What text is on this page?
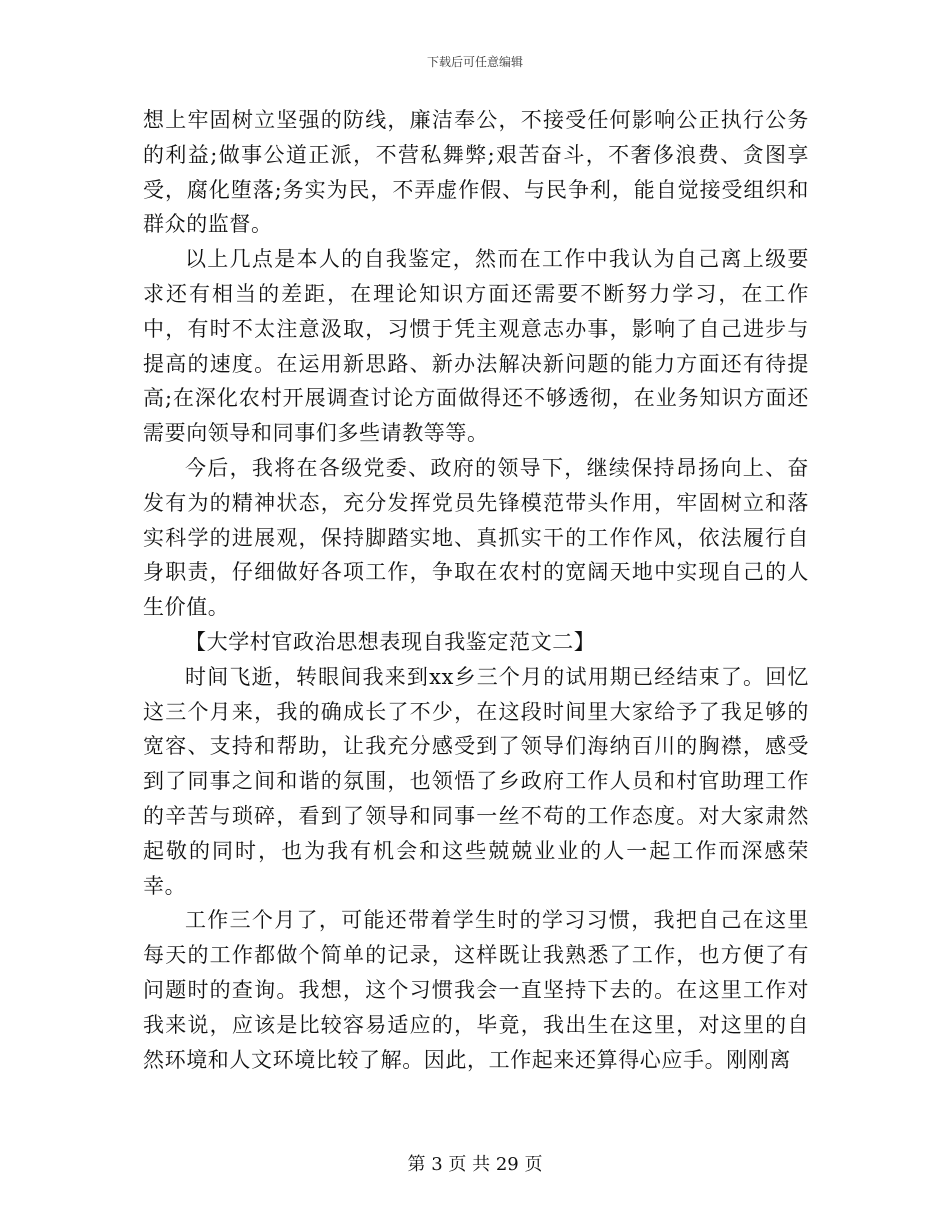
下载后可任意编辑

想上牢固树立坚强的防线，廉洁奉公，不接受任何影响公正执行公务的利益;做事公道正派，不营私舞弊;艰苦奋斗，不奢侈浪费、贪图享受，腐化堕落;务实为民，不弄虚作假、与民争利，能自觉接受组织和群众的监督。

以上几点是本人的自我鉴定，然而在工作中我认为自己离上级要求还有相当的差距，在理论知识方面还需要不断努力学习，在工作中，有时不太注意汲取，习惯于凭主观意志办事，影响了自己进步与提高的速度。在运用新思路、新办法解决新问题的能力方面还有待提高;在深化农村开展调查讨论方面做得还不够透彻，在业务知识方面还需要向领导和同事们多些请教等等。

今后，我将在各级党委、政府的领导下，继续保持昂扬向上、奋发有为的精神状态，充分发挥党员先锋模范带头作用，牢固树立和落实科学的进展观，保持脚踏实地、真抓实干的工作作风，依法履行自身职责，仔细做好各项工作，争取在农村的宽阔天地中实现自己的人生价值。

【大学村官政治思想表现自我鉴定范文二】

时间飞逝，转眼间我来到xx乡三个月的试用期已经结束了。回忆这三个月来，我的确成长了不少，在这段时间里大家给予了我足够的宽容、支持和帮助，让我充分感受到了领导们海纳百川的胸襟，感受到了同事之间和谐的氛围，也领悟了乡政府工作人员和村官助理工作的辛苦与琐碎，看到了领导和同事一丝不苟的工作态度。对大家肃然起敬的同时，也为我有机会和这些兢兢业业的人一起工作而深感荣幸。

工作三个月了，可能还带着学生时的学习习惯，我把自己在这里每天的工作都做个简单的记录，这样既让我熟悉了工作，也方便了有问题时的查询。我想，这个习惯我会一直坚持下去的。在这里工作对我来说，应该是比较容易适应的，毕竟，我出生在这里，对这里的自然环境和人文环境比较了解。因此，工作起来还算得心应手。刚刚离

第 3 页 共 29 页
